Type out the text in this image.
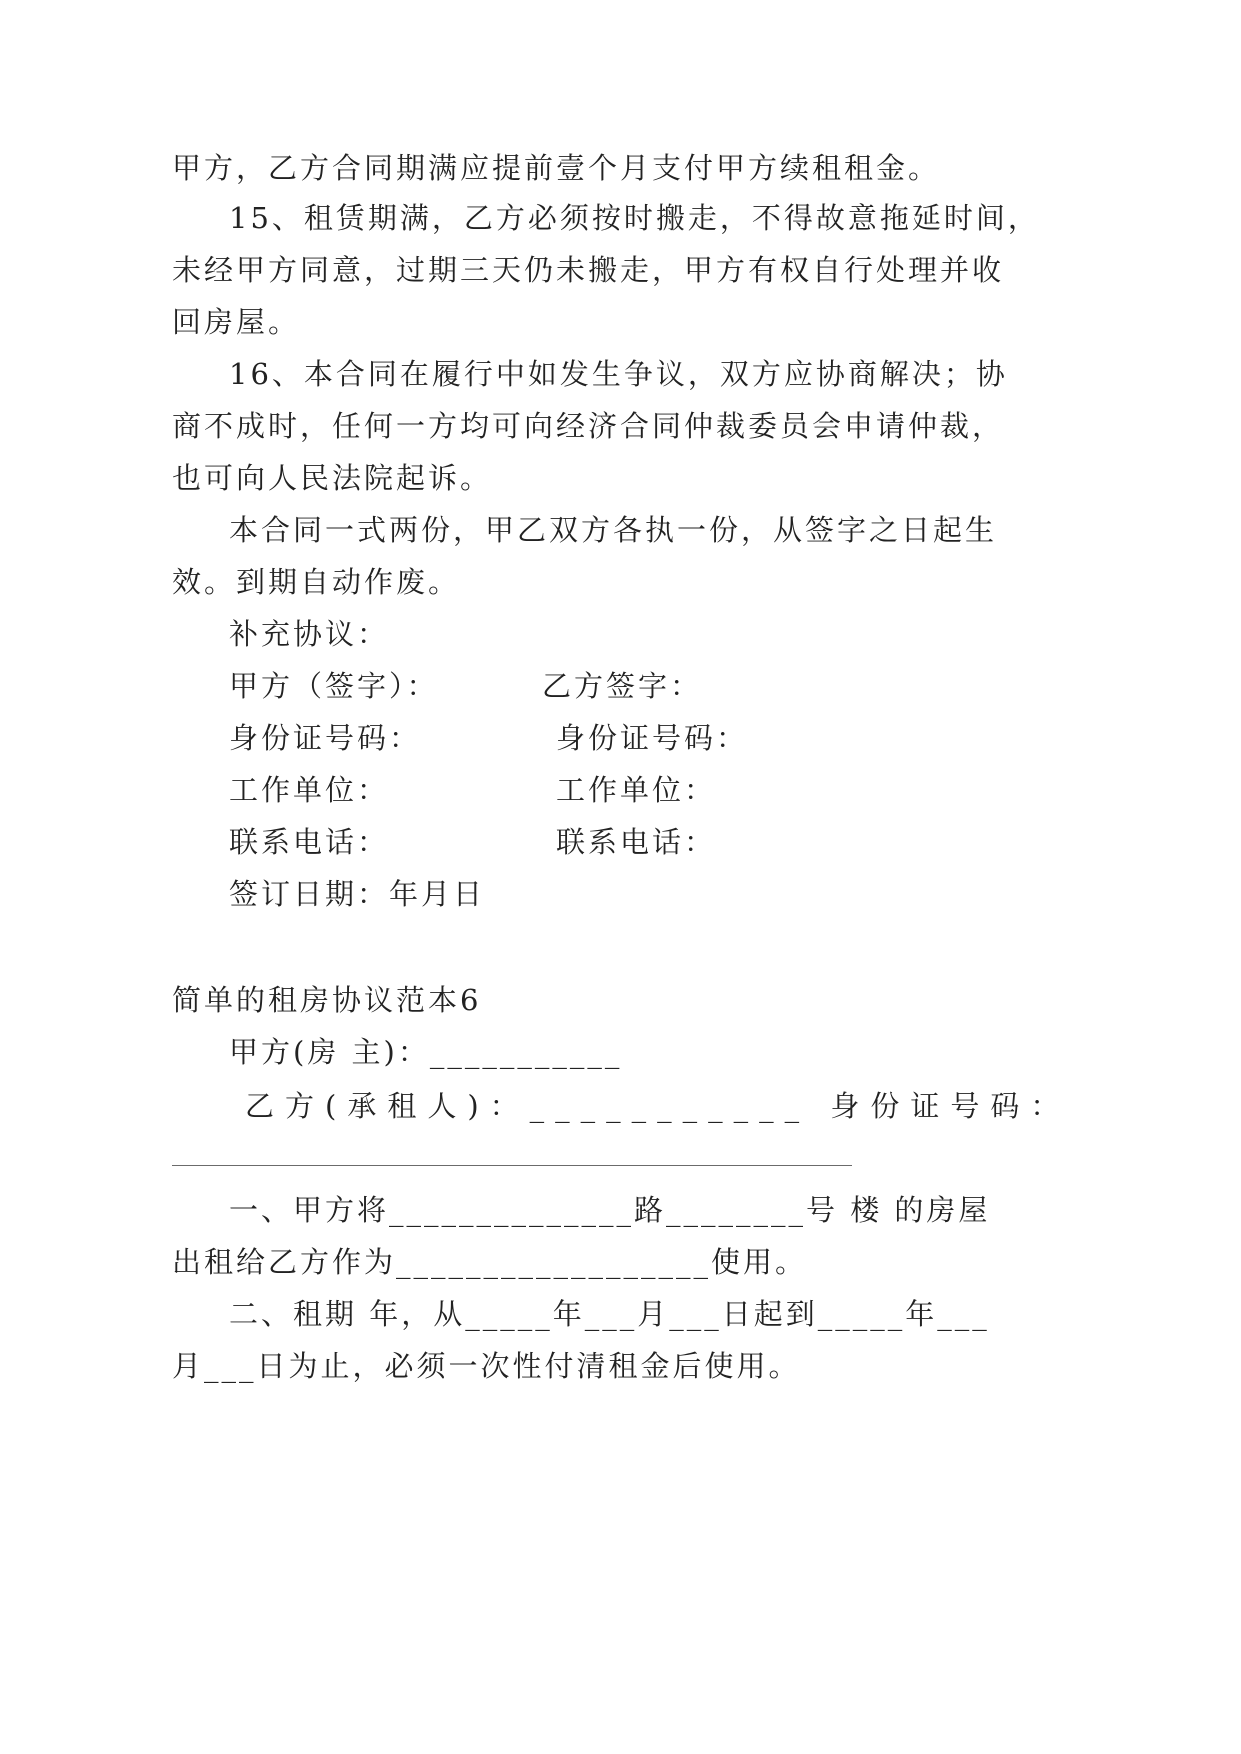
甲方，乙方合同期满应提前壹个月支付甲方续租租金。
15、租赁期满，乙方必须按时搬走，不得故意拖延时间，
未经甲方同意，过期三天仍未搬走，甲方有权自行处理并收
回房屋。
16、本合同在履行中如发生争议，双方应协商解决；协
商不成时，任何一方均可向经济合同仲裁委员会申请仲裁，
也可向人民法院起诉。
本合同一式两份，甲乙双方各执一份，从签字之日起生
效。到期自动作废。
补充协议：
甲方（签字）：	乙方签字：
身份证号码：	身份证号码：
工作单位：	工作单位：
联系电话：	联系电话：
签订日期：年月日
简单的租房协议范本6
甲方(房 主)：___________
乙方(承租人)：___________ 身份证号码：
一、甲方将______________路________号 楼 的房屋
出租给乙方作为__________________使用。
二、租期 年，从_____年___月___日起到_____年___
月___日为止，必须一次性付清租金后使用。
